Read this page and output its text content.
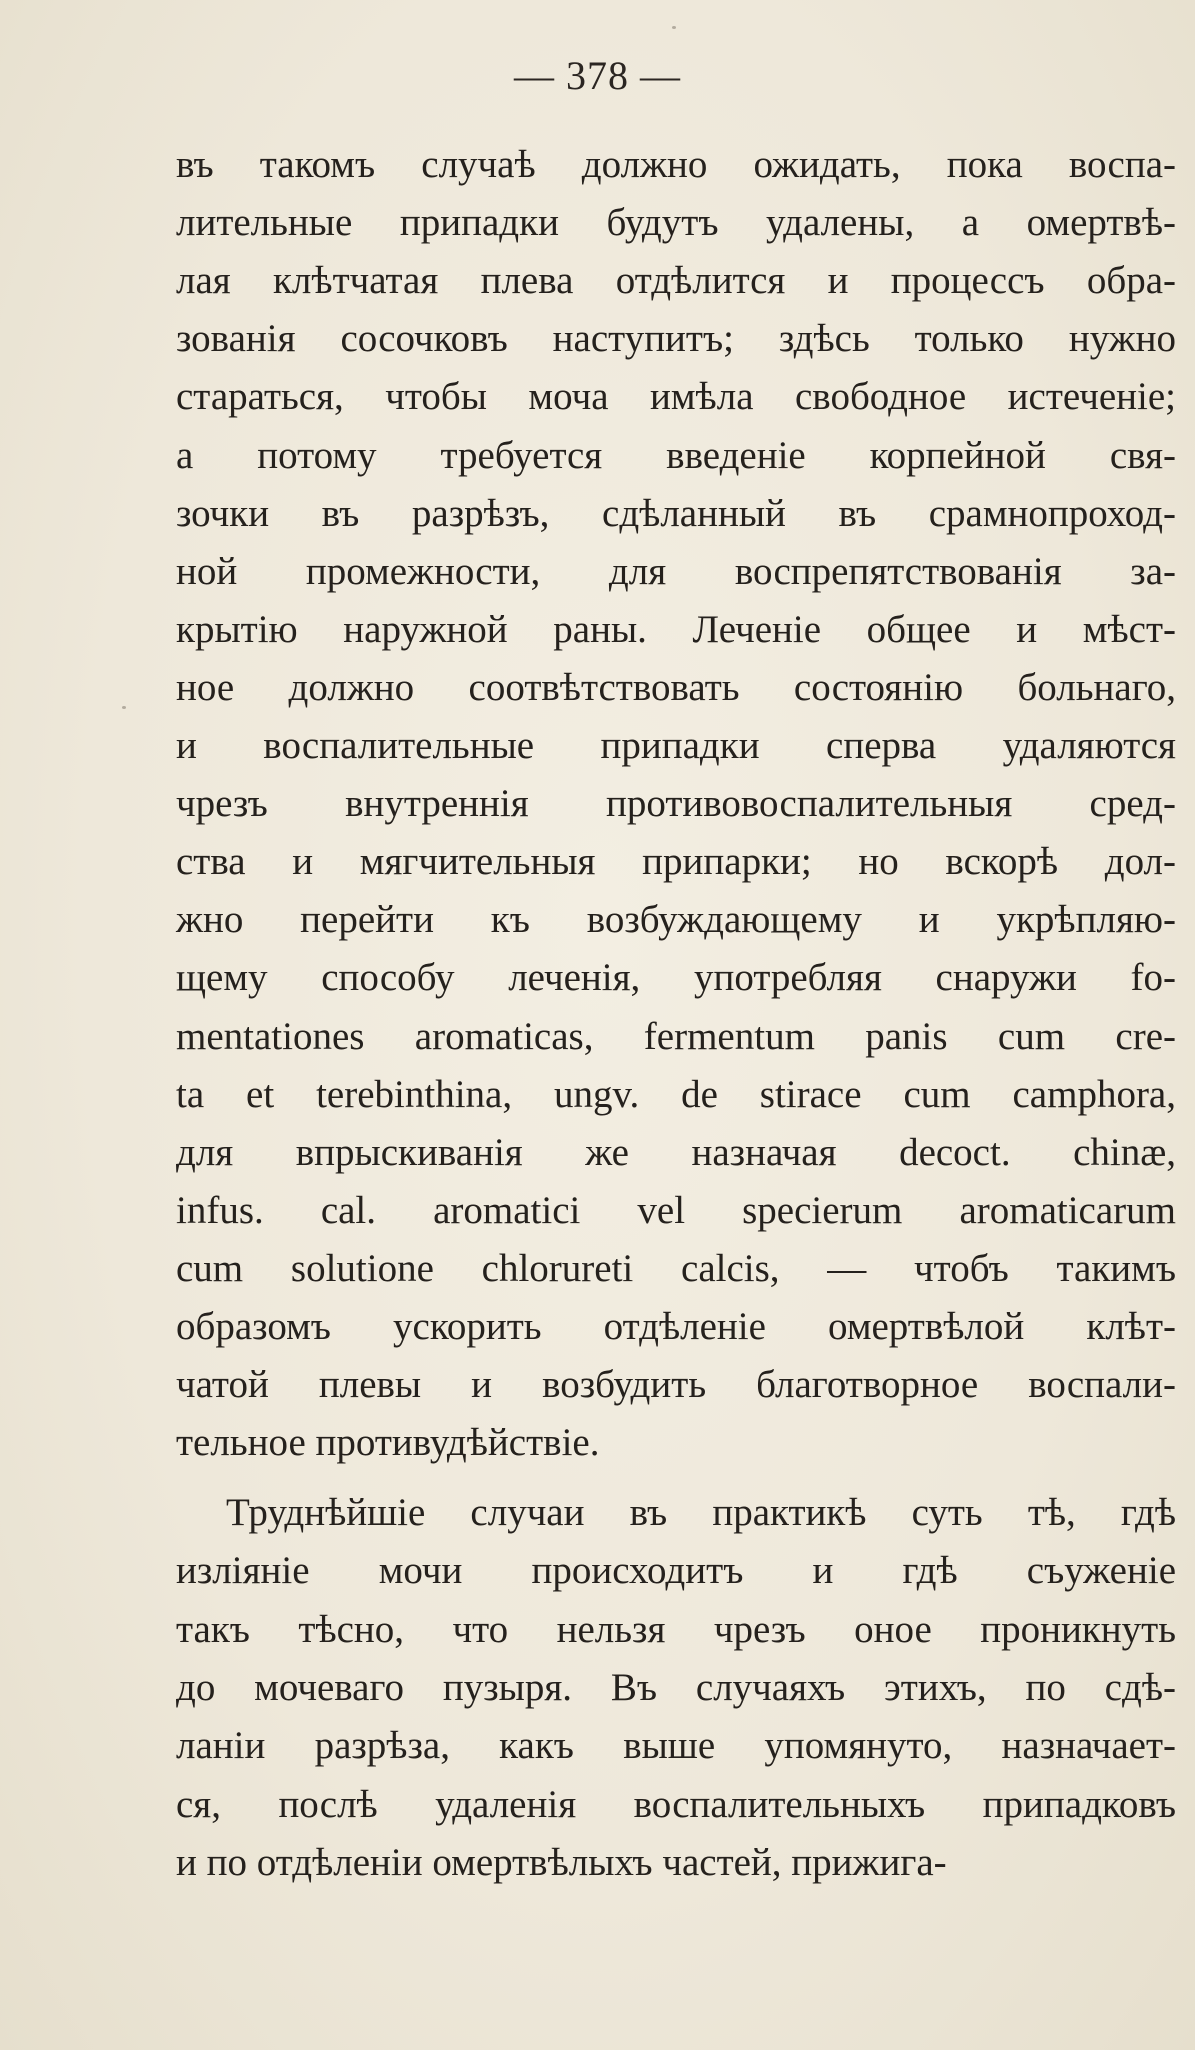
— 378 —
въ такомъ случаѣ должно ожидать, пока воспа-
лительные припадки будутъ удалены, а омертвѣ-
лая клѣтчатая плева отдѣлится и процессъ обра-
зованія сосочковъ наступитъ; здѣсь только нужно
стараться, чтобы моча имѣла свободное истеченіе;
а потому требуется введеніе корпейной свя-
зочки въ разрѣзъ, сдѣланный въ срамнопроход-
ной промежности, для воспрепятствованія за-
крытію наружной раны. Леченіе общее и мѣст-
ное должно соотвѣтствовать состоянію больнаго,
и воспалительные припадки сперва удаляются
чрезъ внутреннія противовоспалительныя сред-
ства и мягчительныя припарки; но вскорѣ дол-
жно перейти къ возбуждающему и укрѣпляю-
щему способу леченія, употребляя снаружи fo-
mentationes aromaticas, fermentum panis cum cre-
ta et terebinthina, ungv. de stirace cum camphora,
для впрыскиванія же назначая decoct. chinæ,
infus. cal. aromatici vel specierum aromaticarum
cum solutione chlorureti calcis, — чтобъ такимъ
образомъ ускорить отдѣленіе омертвѣлой клѣт-
чатой плевы и возбудить благотворное воспали-
тельное противудѣйствіе.
Труднѣйшіе случаи въ практикѣ суть тѣ, гдѣ
изліяніе мочи происходитъ и гдѣ съуженіе
такъ тѣсно, что нельзя чрезъ оное проникнуть
до мочеваго пузыря. Въ случаяхъ этихъ, по сдѣ-
ланіи разрѣза, какъ выше упомянуто, назначает-
ся, послѣ удаленія воспалительныхъ припадковъ
и по отдѣленіи омертвѣлыхъ частей, прижига-
